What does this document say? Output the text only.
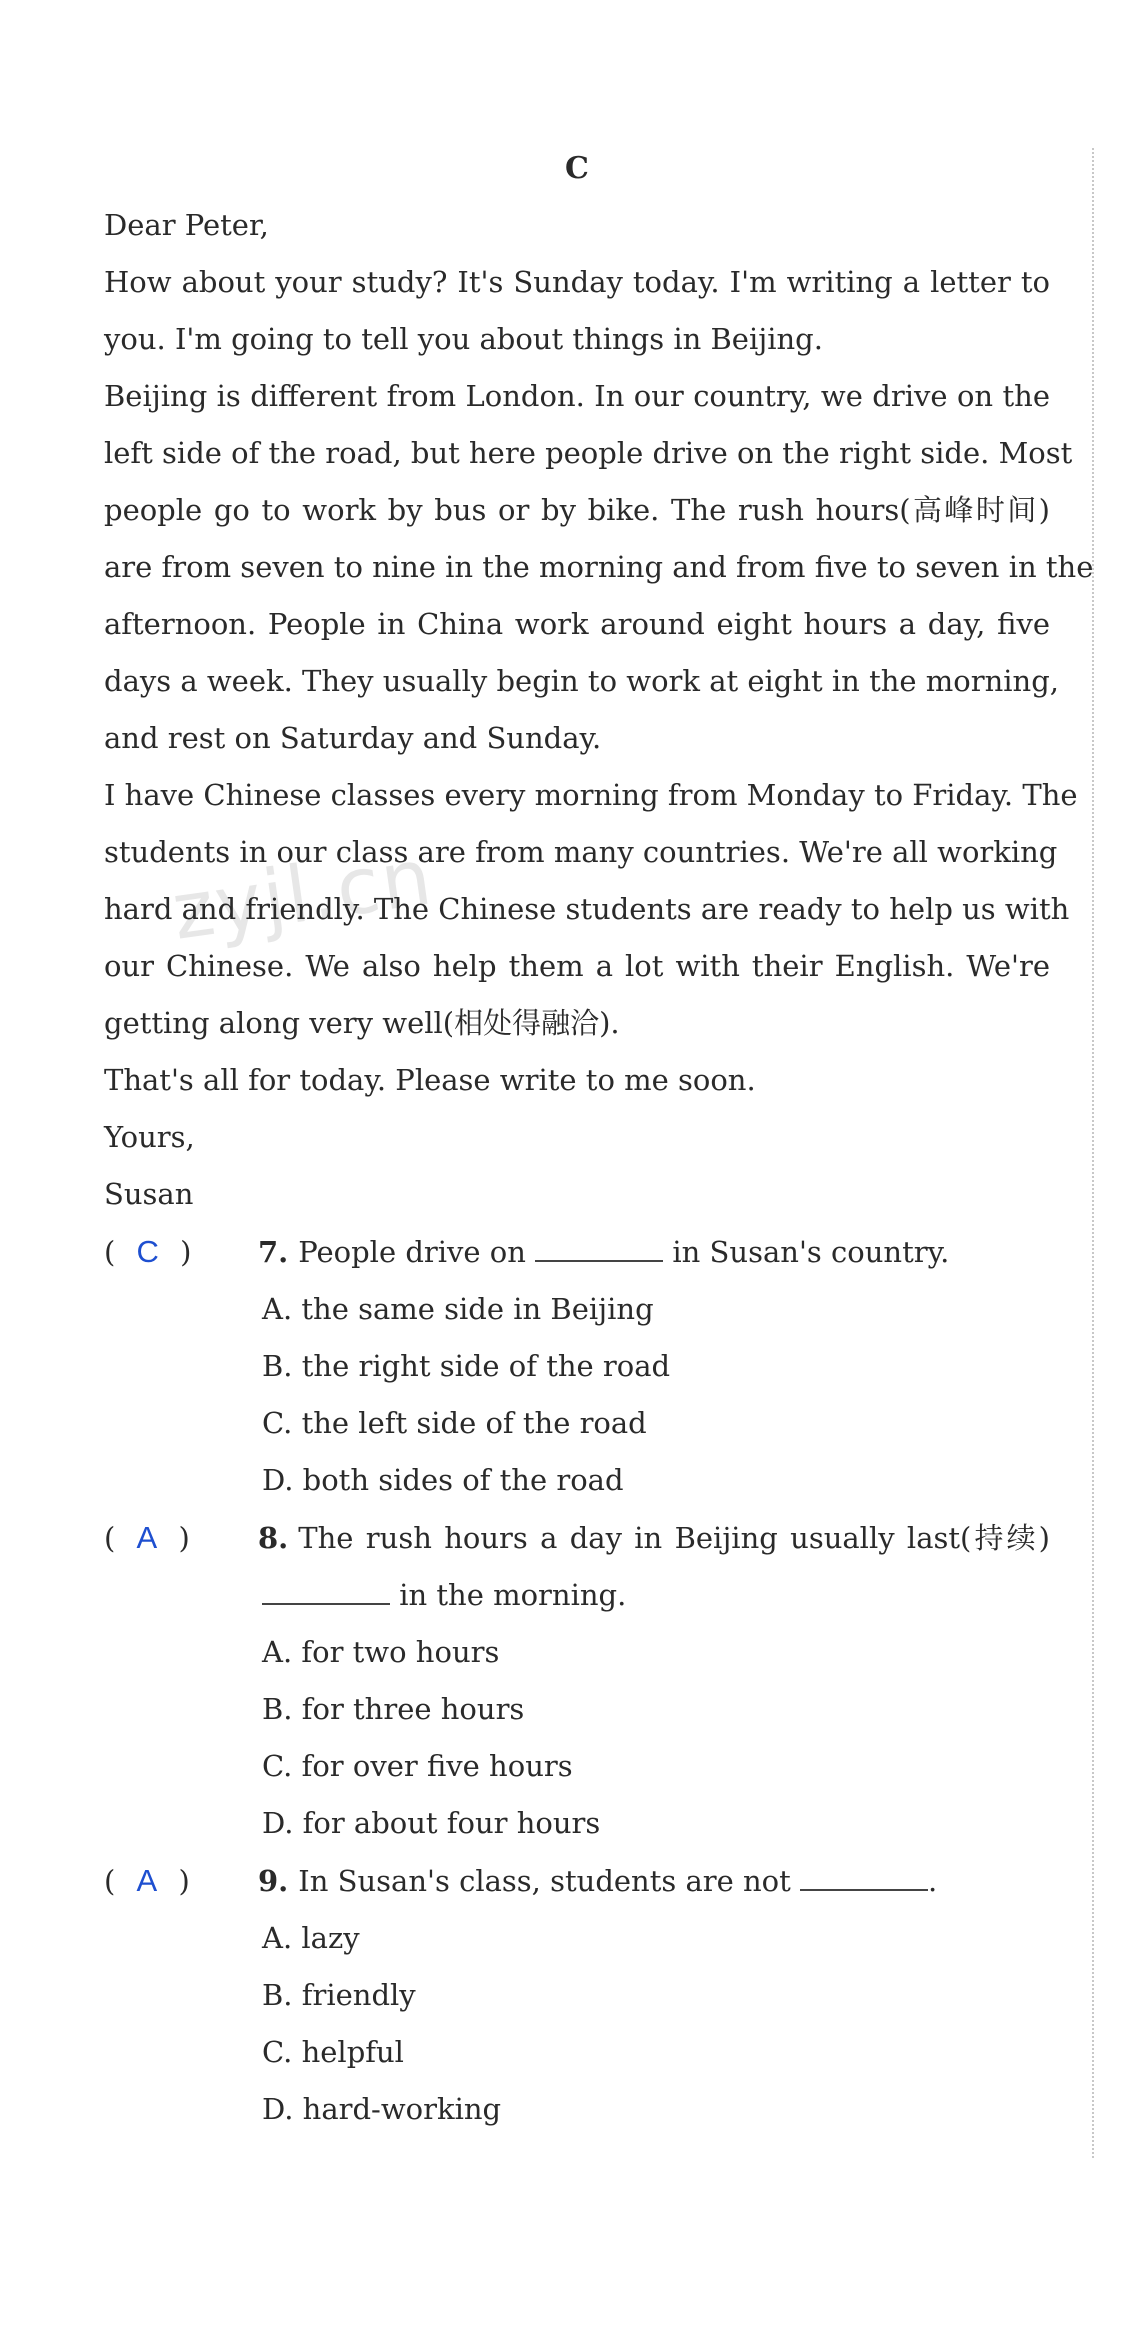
zyjl.cn
C
Dear Peter,
How about your study? It's Sunday today. I'm writing a letter to
you. I'm going to tell you about things in Beijing.
Beijing is different from London. In our country, we drive on the
left side of the road, but here people drive on the right side. Most
people go to work by bus or by bike. The rush hours(高峰时间)
are from seven to nine in the morning and from five to seven in the
afternoon. People in China work around eight hours a day, five
days a week. They usually begin to work at eight in the morning,
and rest on Saturday and Sunday.
I have Chinese classes every morning from Monday to Friday. The
students in our class are from many countries. We're all working
hard and friendly. The Chinese students are ready to help us with
our Chinese. We also help them a lot with their English. We're
getting along very well(相处得融洽).
That's all for today. Please write to me soon.
Yours,
Susan
( C )	7. People drive on	in Susan's country.
A. the same side in Beijing
B. the right side of the road
C. the left side of the road
D. both sides of the road
( A )	8. The rush hours a day in Beijing usually last(持续)
in the morning.
A. for two hours
B. for three hours
C. for over five hours
D. for about four hours
( A )	9. In Susan's class, students are not	.
A. lazy
B. friendly
C. helpful
D. hard-working
